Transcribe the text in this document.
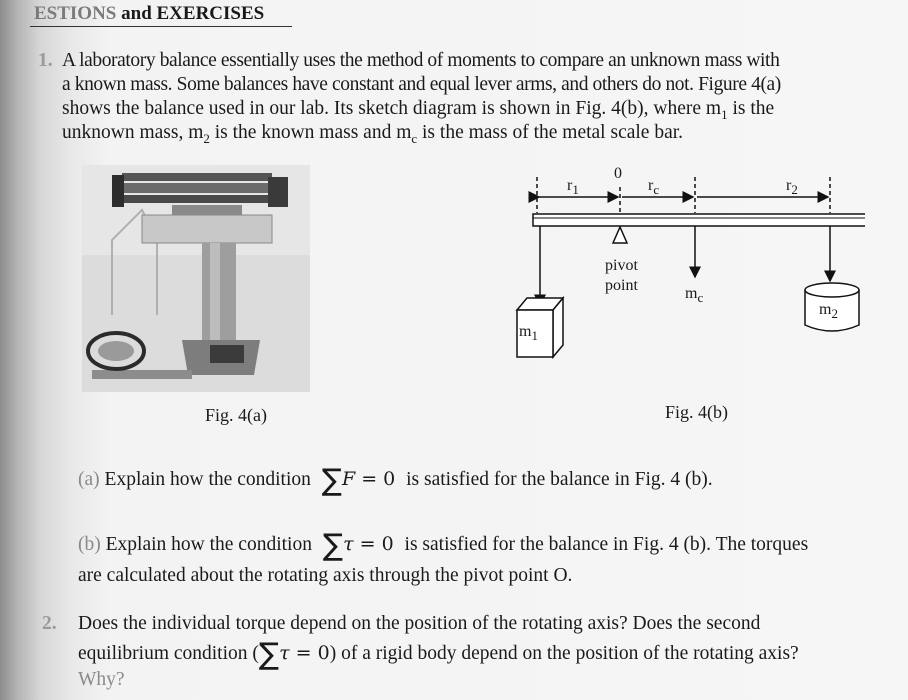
ESTIONS and EXERCISES
1. A laboratory balance essentially uses the method of moments to compare an unknown mass with
a known mass. Some balances have constant and equal lever arms, and others do not. Figure 4(a)
shows the balance used in our lab. Its sketch diagram is shown in Fig. 4(b), where $m_1$ is the
unknown mass, $m_2$ is the known mass and $m_c$ is the mass of the metal scale bar.
Fig. 4(a)
0
$r_1$	$r_c$	$r_2$
pivot
point	$m_c$
$m_1$
$m_2$
Fig. 4(b)
(a) Explain how the condition ∑F = 0 is satisfied for the balance in Fig. 4 (b).
(b) Explain how the condition ∑τ = 0 is satisfied for the balance in Fig. 4 (b). The torques
are calculated about the rotating axis through the pivot point O.
2. Does the individual torque depend on the position of the rotating axis? Does the second
equilibrium condition (∑τ = 0) of a rigid body depend on the position of the rotating axis?
Why?
